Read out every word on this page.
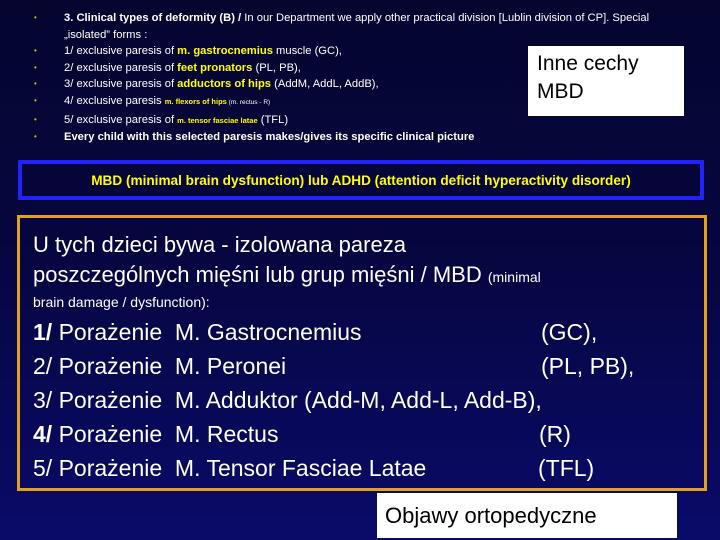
• 3. Clinical types of deformity (B) / In our Department we apply other practical division [Lublin division of CP]. Special „isolated” forms :
• 1/ exclusive paresis of m. gastrocnemius muscle (GC),
• 2/ exclusive paresis of feet pronators (PL, PB),
• 3/ exclusive paresis of adductors of hips (AddM, AddL, AddB),
• 4/ exclusive paresis m. flexors of hips (m. rectus - R)
• 5/ exclusive paresis of m. tensor fasciae latae (TFL)
• Every child with this selected paresis makes/gives its specific clinical picture
Inne cechy
MBD
MBD (minimal brain dysfunction) lub ADHD (attention deficit hyperactivity disorder)
U tych dzieci bywa - izolowana pareza
poszczególnych mięśni lub grup mięśni / MBD (minimal
brain damage / dysfunction):
1/ Porażenie  M. Gastrocnemius	(GC),
2/ Porażenie  M. Peronei	(PL, PB),
3/ Porażenie  M. Adduktor (Add-M, Add-L, Add-B),
4/ Porażenie  M. Rectus	(R)
5/ Porażenie  M. Tensor Fasciae Latae	(TFL)
Objawy ortopedyczne
